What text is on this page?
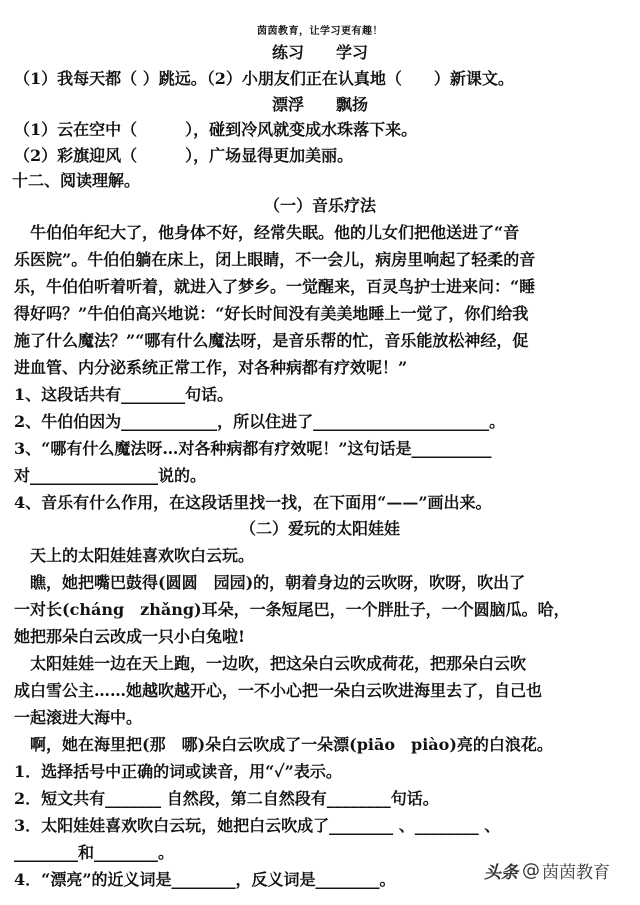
茵茵教育，让学习更有趣！
练习　　学习
（1）我每天都（ ）跳远。（2）小朋友们正在认真地（　　）新课文。
漂浮　　飘扬
（1）云在空中（　　　），碰到冷风就变成水珠落下来。
（2）彩旗迎风（　　　），广场显得更加美丽。
十二、阅读理解。
（一）音乐疗法
　牛伯伯年纪大了，他身体不好，经常失眠。他的儿女们把他送进了“音
乐医院”。牛伯伯躺在床上，闭上眼睛，不一会儿，病房里响起了轻柔的音
乐，牛伯伯听着听着，就进入了梦乡。一觉醒来，百灵鸟护士进来问：“睡
得好吗？”牛伯伯高兴地说：“好长时间没有美美地睡上一觉了，你们给我
施了什么魔法？”“哪有什么魔法呀，是音乐帮的忙，音乐能放松神经，促
进血管、内分泌系统正常工作，对各种病都有疗效呢！”
1、这段话共有________句话。
2、牛伯伯因为____________，所以住进了______________________。
3、“哪有什么魔法呀…对各种病都有疗效呢！”这句话是__________
对________________说的。
4、音乐有什么作用，在这段话里找一找，在下面用“——”画出来。
（二）爱玩的太阳娃娃
　天上的太阳娃娃喜欢吹白云玩。
　瞧，她把嘴巴鼓得(圆圆　园园)的，朝着身边的云吹呀，吹呀，吹出了
一对长(cháng　zhǎng)耳朵，一条短尾巴，一个胖肚子，一个圆脑瓜。哈，
她把那朵白云改成一只小白兔啦!
　太阳娃娃一边在天上跑，一边吹，把这朵白云吹成荷花，把那朵白云吹
成白雪公主……她越吹越开心，一不小心把一朵白云吹进海里去了，自己也
一起滚进大海中。
　啊，她在海里把(那　哪)朵白云吹成了一朵漂(piāo　piào)亮的白浪花。
1．选择括号中正确的词或读音，用“✓”表示。
2．短文共有_______ 自然段，第二自然段有________句话。
3．太阳娃娃喜欢吹白云玩，她把白云吹成了________ 、________ 、
________和________。
4．“漂亮”的近义词是________，反义词是________。	头条 @ 茵茵教育
